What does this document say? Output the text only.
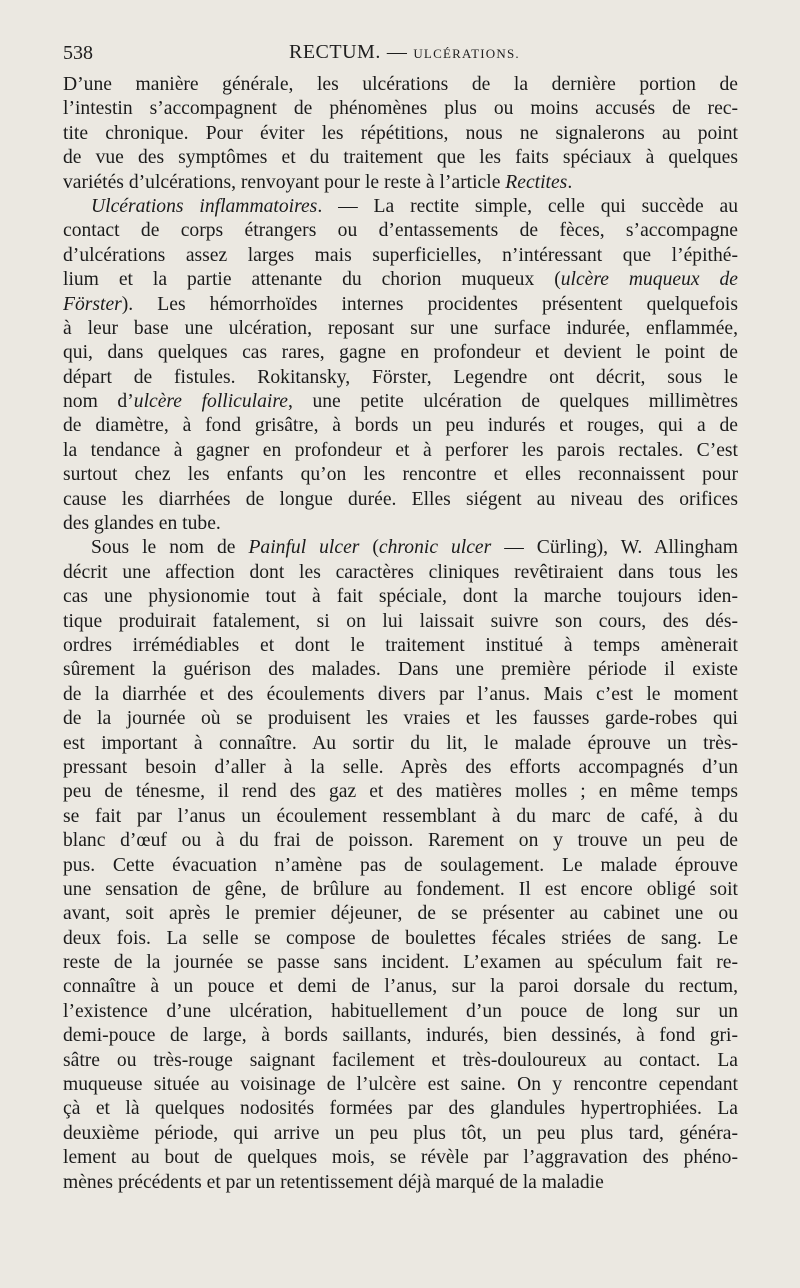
538	RECTUM. — ULCÉRATIONS.
D’une manière générale, les ulcérations de la dernière portion de
l’intestin s’accompagnent de phénomènes plus ou moins accusés de rec-
tite chronique. Pour éviter les répétitions, nous ne signalerons au point
de vue des symptômes et du traitement que les faits spéciaux à quelques
variétés d’ulcérations, renvoyant pour le reste à l’article Rectites.
Ulcérations inflammatoires. — La rectite simple, celle qui succède au
contact de corps étrangers ou d’entassements de fèces, s’accompagne
d’ulcérations assez larges mais superficielles, n’intéressant que l’épithé-
lium et la partie attenante du chorion muqueux (ulcère muqueux de
Förster). Les hémorrhoïdes internes procidentes présentent quelquefois
à leur base une ulcération, reposant sur une surface indurée, enflammée,
qui, dans quelques cas rares, gagne en profondeur et devient le point de
départ de fistules. Rokitansky, Förster, Legendre ont décrit, sous le
nom d’ulcère folliculaire, une petite ulcération de quelques millimètres
de diamètre, à fond grisâtre, à bords un peu indurés et rouges, qui a de
la tendance à gagner en profondeur et à perforer les parois rectales. C’est
surtout chez les enfants qu’on les rencontre et elles reconnaissent pour
cause les diarrhées de longue durée. Elles siégent au niveau des orifices
des glandes en tube.
Sous le nom de Painful ulcer (chronic ulcer — Cürling), W. Allingham
décrit une affection dont les caractères cliniques revêtiraient dans tous les
cas une physionomie tout à fait spéciale, dont la marche toujours iden-
tique produirait fatalement, si on lui laissait suivre son cours, des dés-
ordres irrémédiables et dont le traitement institué à temps amènerait
sûrement la guérison des malades. Dans une première période il existe
de la diarrhée et des écoulements divers par l’anus. Mais c’est le moment
de la journée où se produisent les vraies et les fausses garde-robes qui
est important à connaître. Au sortir du lit, le malade éprouve un très-
pressant besoin d’aller à la selle. Après des efforts accompagnés d’un
peu de ténesme, il rend des gaz et des matières molles ; en même temps
se fait par l’anus un écoulement ressemblant à du marc de café, à du
blanc d’œuf ou à du frai de poisson. Rarement on y trouve un peu de
pus. Cette évacuation n’amène pas de soulagement. Le malade éprouve
une sensation de gêne, de brûlure au fondement. Il est encore obligé soit
avant, soit après le premier déjeuner, de se présenter au cabinet une ou
deux fois. La selle se compose de boulettes fécales striées de sang. Le
reste de la journée se passe sans incident. L’examen au spéculum fait re-
connaître à un pouce et demi de l’anus, sur la paroi dorsale du rectum,
l’existence d’une ulcération, habituellement d’un pouce de long sur un
demi-pouce de large, à bords saillants, indurés, bien dessinés, à fond gri-
sâtre ou très-rouge saignant facilement et très-douloureux au contact. La
muqueuse située au voisinage de l’ulcère est saine. On y rencontre cependant
çà et là quelques nodosités formées par des glandules hypertrophiées. La
deuxième période, qui arrive un peu plus tôt, un peu plus tard, généra-
lement au bout de quelques mois, se révèle par l’aggravation des phéno-
mènes précédents et par un retentissement déjà marqué de la maladie
